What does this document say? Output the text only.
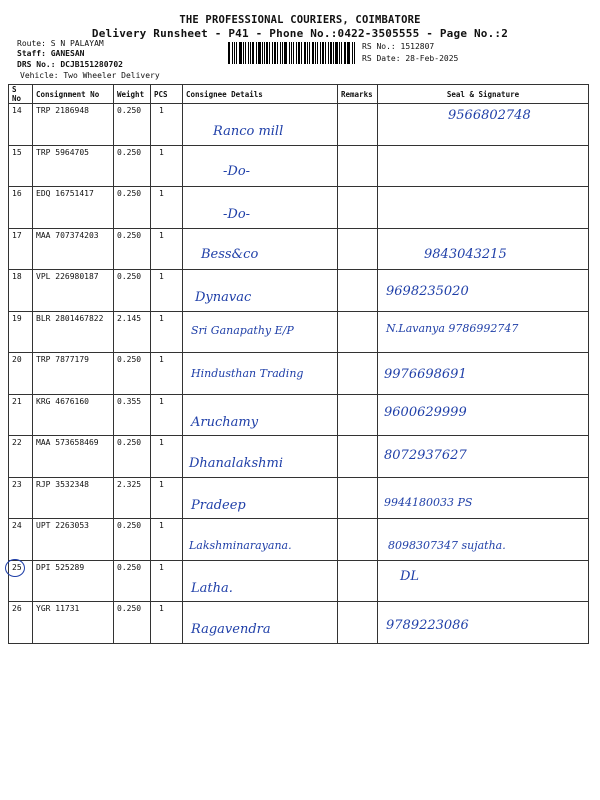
THE PROFESSIONAL COURIERS, COIMBATORE
Delivery Runsheet - P41 - Phone No.:0422-3505555 - Page No.:2
Route: S N PALAYAM
Staff: GANESAN
DRS No.: DCJB151280702
Vehicle: Two Wheeler Delivery
RS No.: 1512807
RS Date: 28-Feb-2025
S No	Consignment No	Weight	PCS	Consignee Details	Remarks	Seal & Signature
14	TRP 2186948	0.250	1	Ranco mill		9566802748

15	TRP 5964705	0.250	1	-Do-		

16	EDQ 16751417	0.250	1	-Do-		

17	MAA 707374203	0.250	1	Bess&co		9843043215

18	VPL 226980187	0.250	1	Dynavac		9698235020

19	BLR 2801467822	2.145	1	Sri Ganapathy E/P		N.Lavanya 9786992747

20	TRP 7877179	0.250	1	Hindusthan Trading		9976698691

21	KRG 4676160	0.355	1	Aruchamy		9600629999

22	MAA 573658469	0.250	1	Dhanalakshmi		8072937627

23	RJP 3532348	2.325	1	Pradeep		9944180033 PS

24	UPT 2263053	0.250	1	Lakshminarayana.		8098307347 sujatha.

25	DPI 525289	0.250	1	Latha.		DL

26	YGR 11731	0.250	1	Ragavendra		9789223086
